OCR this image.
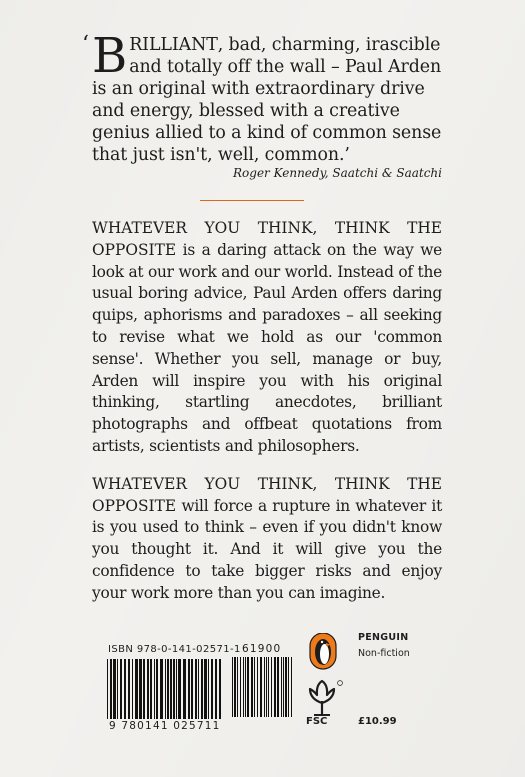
‘ B RILLIANT, bad, charming, irascible and totally off the wall – Paul Arden is an original with extraordinary drive and energy, blessed with a creative genius allied to a kind of common sense that just isn't, well, common.’
Roger Kennedy, Saatchi & Saatchi

WHATEVER YOU THINK, THINK THE OPPOSITE is a daring attack on the way we look at our work and our world. Instead of the usual boring advice, Paul Arden offers daring quips, aphorisms and paradoxes – all seeking to revise what we hold as our 'common sense'. Whether you sell, manage or buy, Arden will inspire you with his original thinking, startling anecdotes, brilliant photographs and offbeat quotations from artists, scientists and philosophers.

WHATEVER YOU THINK, THINK THE OPPOSITE will force a rupture in whatever it is you used to think – even if you didn't know you thought it. And it will give you the confidence to take bigger risks and enjoy your work more than you can imagine.

ISBN 978-0-141-02571-1
9 780141 025711
61900
PENGUIN
Non-fiction
FSC	£10.99
